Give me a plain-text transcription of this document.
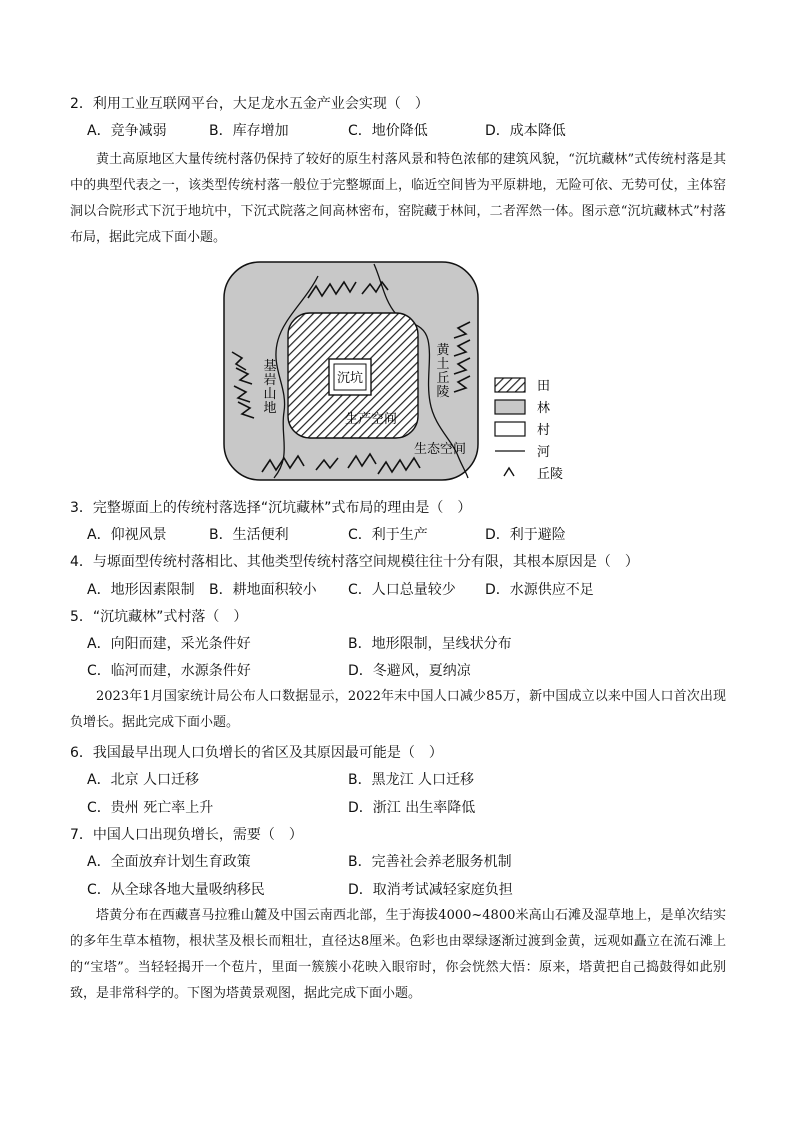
2．利用工业互联网平台，大足龙水五金产业会实现（　）
A．竞争减弱	B．库存增加	C．地价降低	D．成本降低
黄土高原地区大量传统村落仍保持了较好的原生村落风景和特色浓郁的建筑风貌，“沉坑藏林”式传统村落是其中的典型代表之一，该类型传统村落一般位于完整塬面上，临近空间皆为平原耕地，无险可依、无势可仗，主体窑洞以合院形式下沉于地坑中，下沉式院落之间高林密布，窑院藏于林间，二者浑然一体。图示意“沉坑藏林式”村落布局，据此完成下面小题。
沉坑
生产空间
生态空间
基
岩
山
地
黄
土
丘
陵	田
林
村
河
丘陵
3．完整塬面上的传统村落选择“沉坑藏林”式布局的理由是（　）
A．仰视风景	B．生活便利	C．利于生产	D．利于避险
4．与塬面型传统村落相比、其他类型传统村落空间规模往往十分有限，其根本原因是（　）
A．地形因素限制 B．耕地面积较小 C．人口总量较少 D．水源供应不足
5．“沉坑藏林”式村落（　）
A．向阳而建，采光条件好	B．地形限制，呈线状分布
C．临河而建，水源条件好	D．冬避风，夏纳凉
2023年1月国家统计局公布人口数据显示，2022年末中国人口减少85万，新中国成立以来中国人口首次出现负增长。据此完成下面小题。
6．我国最早出现人口负增长的省区及其原因最可能是（　）
A．北京 人口迁移	B．黑龙江 人口迁移
C．贵州 死亡率上升	D．浙江 出生率降低
7．中国人口出现负增长，需要（　）
A．全面放弃计划生育政策	B．完善社会养老服务机制
C．从全球各地大量吸纳移民	D．取消考试减轻家庭负担
塔黄分布在西藏喜马拉雅山麓及中国云南西北部，生于海拔4000~4800米高山石滩及湿草地上，是单次结实的多年生草本植物，根状茎及根长而粗壮，直径达8厘米。色彩也由翠绿逐渐过渡到金黄，远观如矗立在流石滩上的“宝塔”。当轻轻揭开一个苞片，里面一簇簇小花映入眼帘时，你会恍然大悟：原来，塔黄把自己捣鼓得如此别致，是非常科学的。下图为塔黄景观图，据此完成下面小题。
